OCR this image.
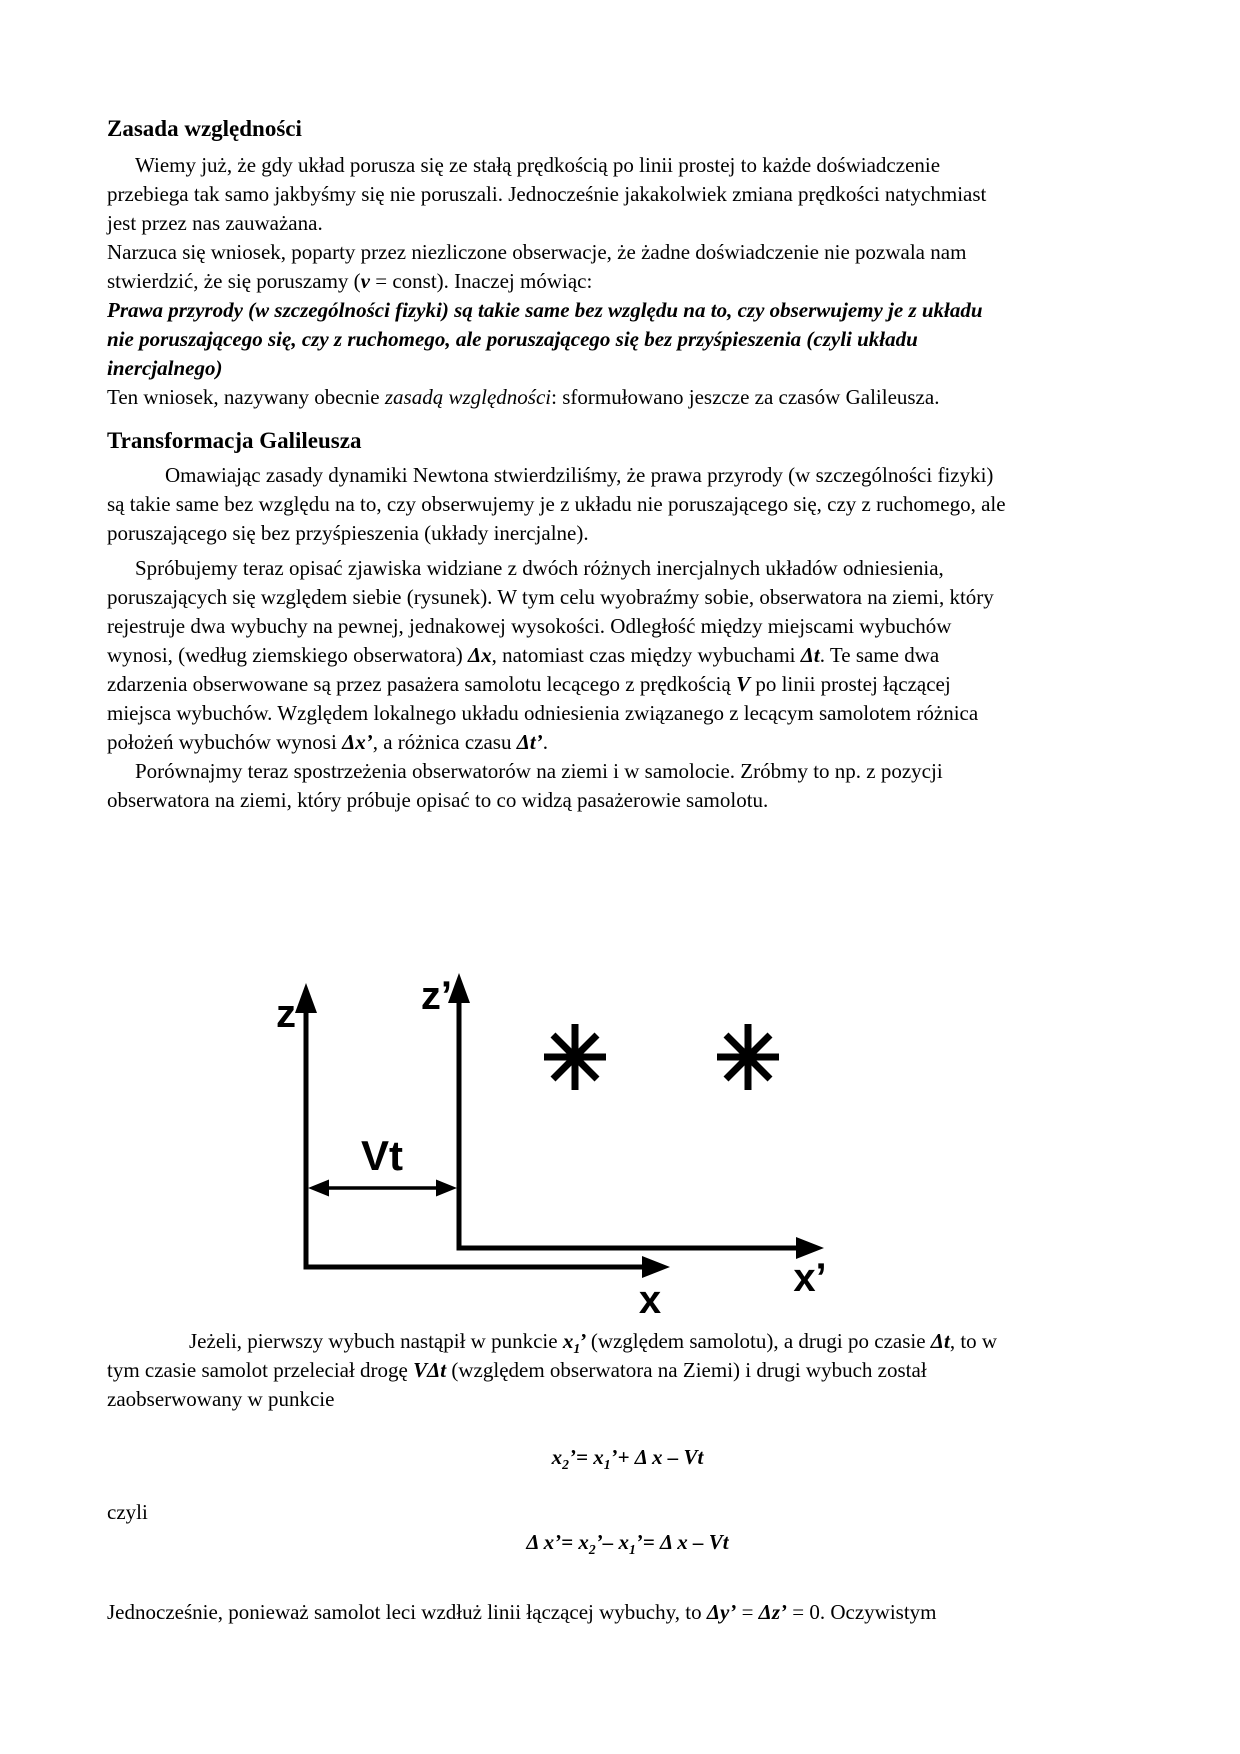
Zasada względności

Wiemy już, że gdy układ porusza się ze stałą prędkością po linii prostej to każde doświadczenie przebiega tak samo jakbyśmy się nie poruszali. Jednocześnie jakakolwiek zmiana prędkości natychmiast jest przez nas zauważana.

Narzuca się wniosek, poparty przez niezliczone obserwacje, że żadne doświadczenie nie pozwala nam stwierdzić, że się poruszamy (v = const). Inaczej mówiąc:

Prawa przyrody (w szczególności fizyki) są takie same bez względu na to, czy obserwujemy je z układu nie poruszającego się, czy z ruchomego, ale poruszającego się bez przyśpieszenia (czyli układu inercjalnego)

Ten wniosek, nazywany obecnie zasadą względności: sformułowano jeszcze za czasów Galileusza.

Transformacja Galileusza

Omawiając zasady dynamiki Newtona stwierdziliśmy, że prawa przyrody (w szczególności fizyki) są takie same bez względu na to, czy obserwujemy je z układu nie poruszającego się, czy z ruchomego, ale poruszającego się bez przyśpieszenia (układy inercjalne).

Spróbujemy teraz opisać zjawiska widziane z dwóch różnych inercjalnych układów odniesienia, poruszających się względem siebie (rysunek). W tym celu wyobraźmy sobie, obserwatora na ziemi, który rejestruje dwa wybuchy na pewnej, jednakowej wysokości. Odległość między miejscami wybuchów wynosi, (według ziemskiego obserwatora) Δx, natomiast czas między wybuchami Δt. Te same dwa zdarzenia obserwowane są przez pasażera samolotu lecącego z prędkością V po linii prostej łączącej miejsca wybuchów. Względem lokalnego układu odniesienia związanego z lecącym samolotem różnica położeń wybuchów wynosi Δx’, a różnica czasu Δt’.

Porównajmy teraz spostrzeżenia obserwatorów na ziemi i w samolocie. Zróbmy to np. z pozycji obserwatora na ziemi, który próbuje opisać to co widzą pasażerowie samolotu.

z	z’
Vt
x	x’

Jeżeli, pierwszy wybuch nastąpił w punkcie $x_1$’ (względem samolotu), a drugi po czasie Δt, to w tym czasie samolot przeleciał drogę VΔt (względem obserwatora na Ziemi) i drugi wybuch został zaobserwowany w punkcie

$x_2’=$ $x_1’+ \Delta$ x – Vt

czyli

Δ x’= $x_2’-$ $x_1’= \Delta$ x – Vt

Jednocześnie, ponieważ samolot leci wzdłuż linii łączącej wybuchy, to Δy’ = Δz’ = 0. Oczywistym
